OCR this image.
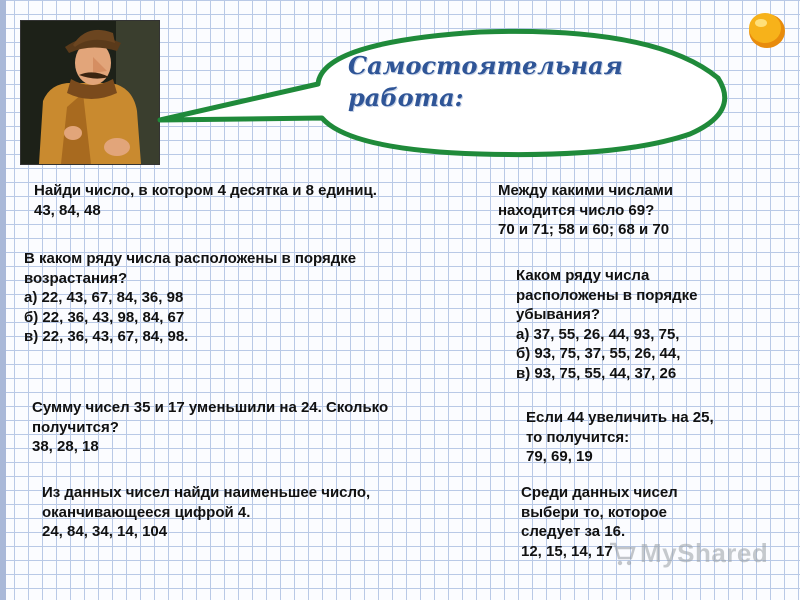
Самостоятельная
работа:
Найди число, в котором 4 десятка и 8 единиц.
43, 84, 48
Между какими числами
находится число 69?
70 и 71; 58 и 60; 68 и 70
В каком ряду числа расположены в порядке
возрастания?
а) 22, 43, 67, 84, 36, 98
б) 22, 36, 43, 98, 84, 67
в) 22, 36, 43, 67, 84, 98.
Каком ряду числа
расположены в порядке
убывания?
а) 37, 55, 26, 44, 93, 75,
б) 93, 75, 37, 55, 26, 44,
в) 93, 75, 55, 44, 37, 26
Сумму чисел 35 и 17 уменьшили на 24. Сколько
получится?
38, 28, 18
Если 44 увеличить на 25,
то получится:
79, 69, 19
Из данных чисел найди наименьшее число,
оканчивающееся цифрой 4.
24, 84, 34, 14, 104
Среди данных чисел
выбери то, которое
следует за 16.
12, 15, 14, 17	MyShared
